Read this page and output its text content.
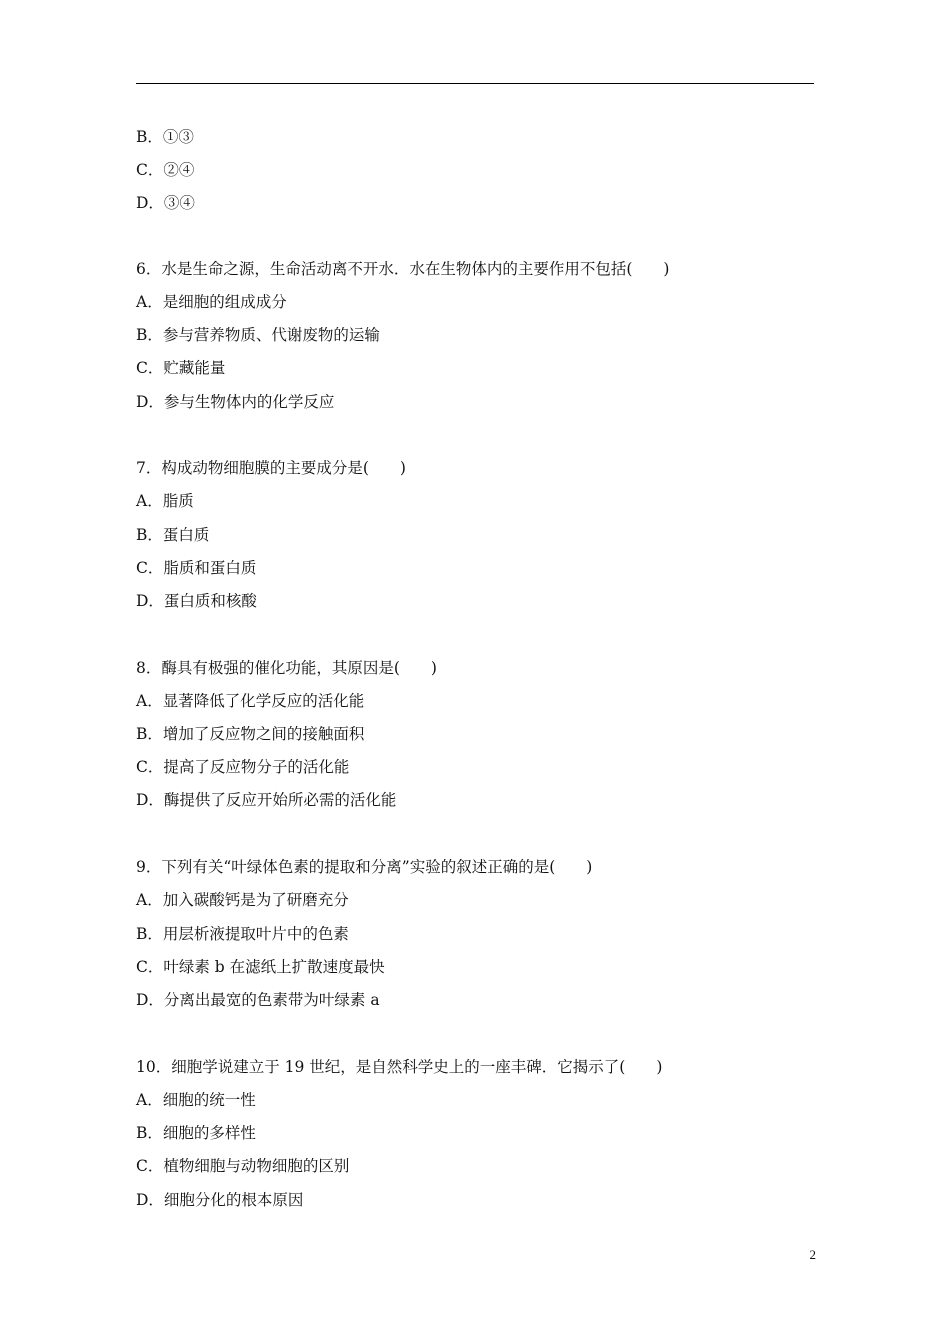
B．①③
C．②④
D．③④
6．水是生命之源，生命活动离不开水．水在生物体内的主要作用不包括(　　)
A．是细胞的组成成分
B．参与营养物质、代谢废物的运输
C．贮藏能量
D．参与生物体内的化学反应
7．构成动物细胞膜的主要成分是(　　)
A．脂质
B．蛋白质
C．脂质和蛋白质
D．蛋白质和核酸
8．酶具有极强的催化功能，其原因是(　　)
A．显著降低了化学反应的活化能
B．增加了反应物之间的接触面积
C．提高了反应物分子的活化能
D．酶提供了反应开始所必需的活化能
9．下列有关“叶绿体色素的提取和分离”实验的叙述正确的是(　　)
A．加入碳酸钙是为了研磨充分
B．用层析液提取叶片中的色素
C．叶绿素 b 在滤纸上扩散速度最快
D．分离出最宽的色素带为叶绿素 a
10．细胞学说建立于 19 世纪，是自然科学史上的一座丰碑．它揭示了(　　)
A．细胞的统一性
B．细胞的多样性
C．植物细胞与动物细胞的区别
D．细胞分化的根本原因
2
